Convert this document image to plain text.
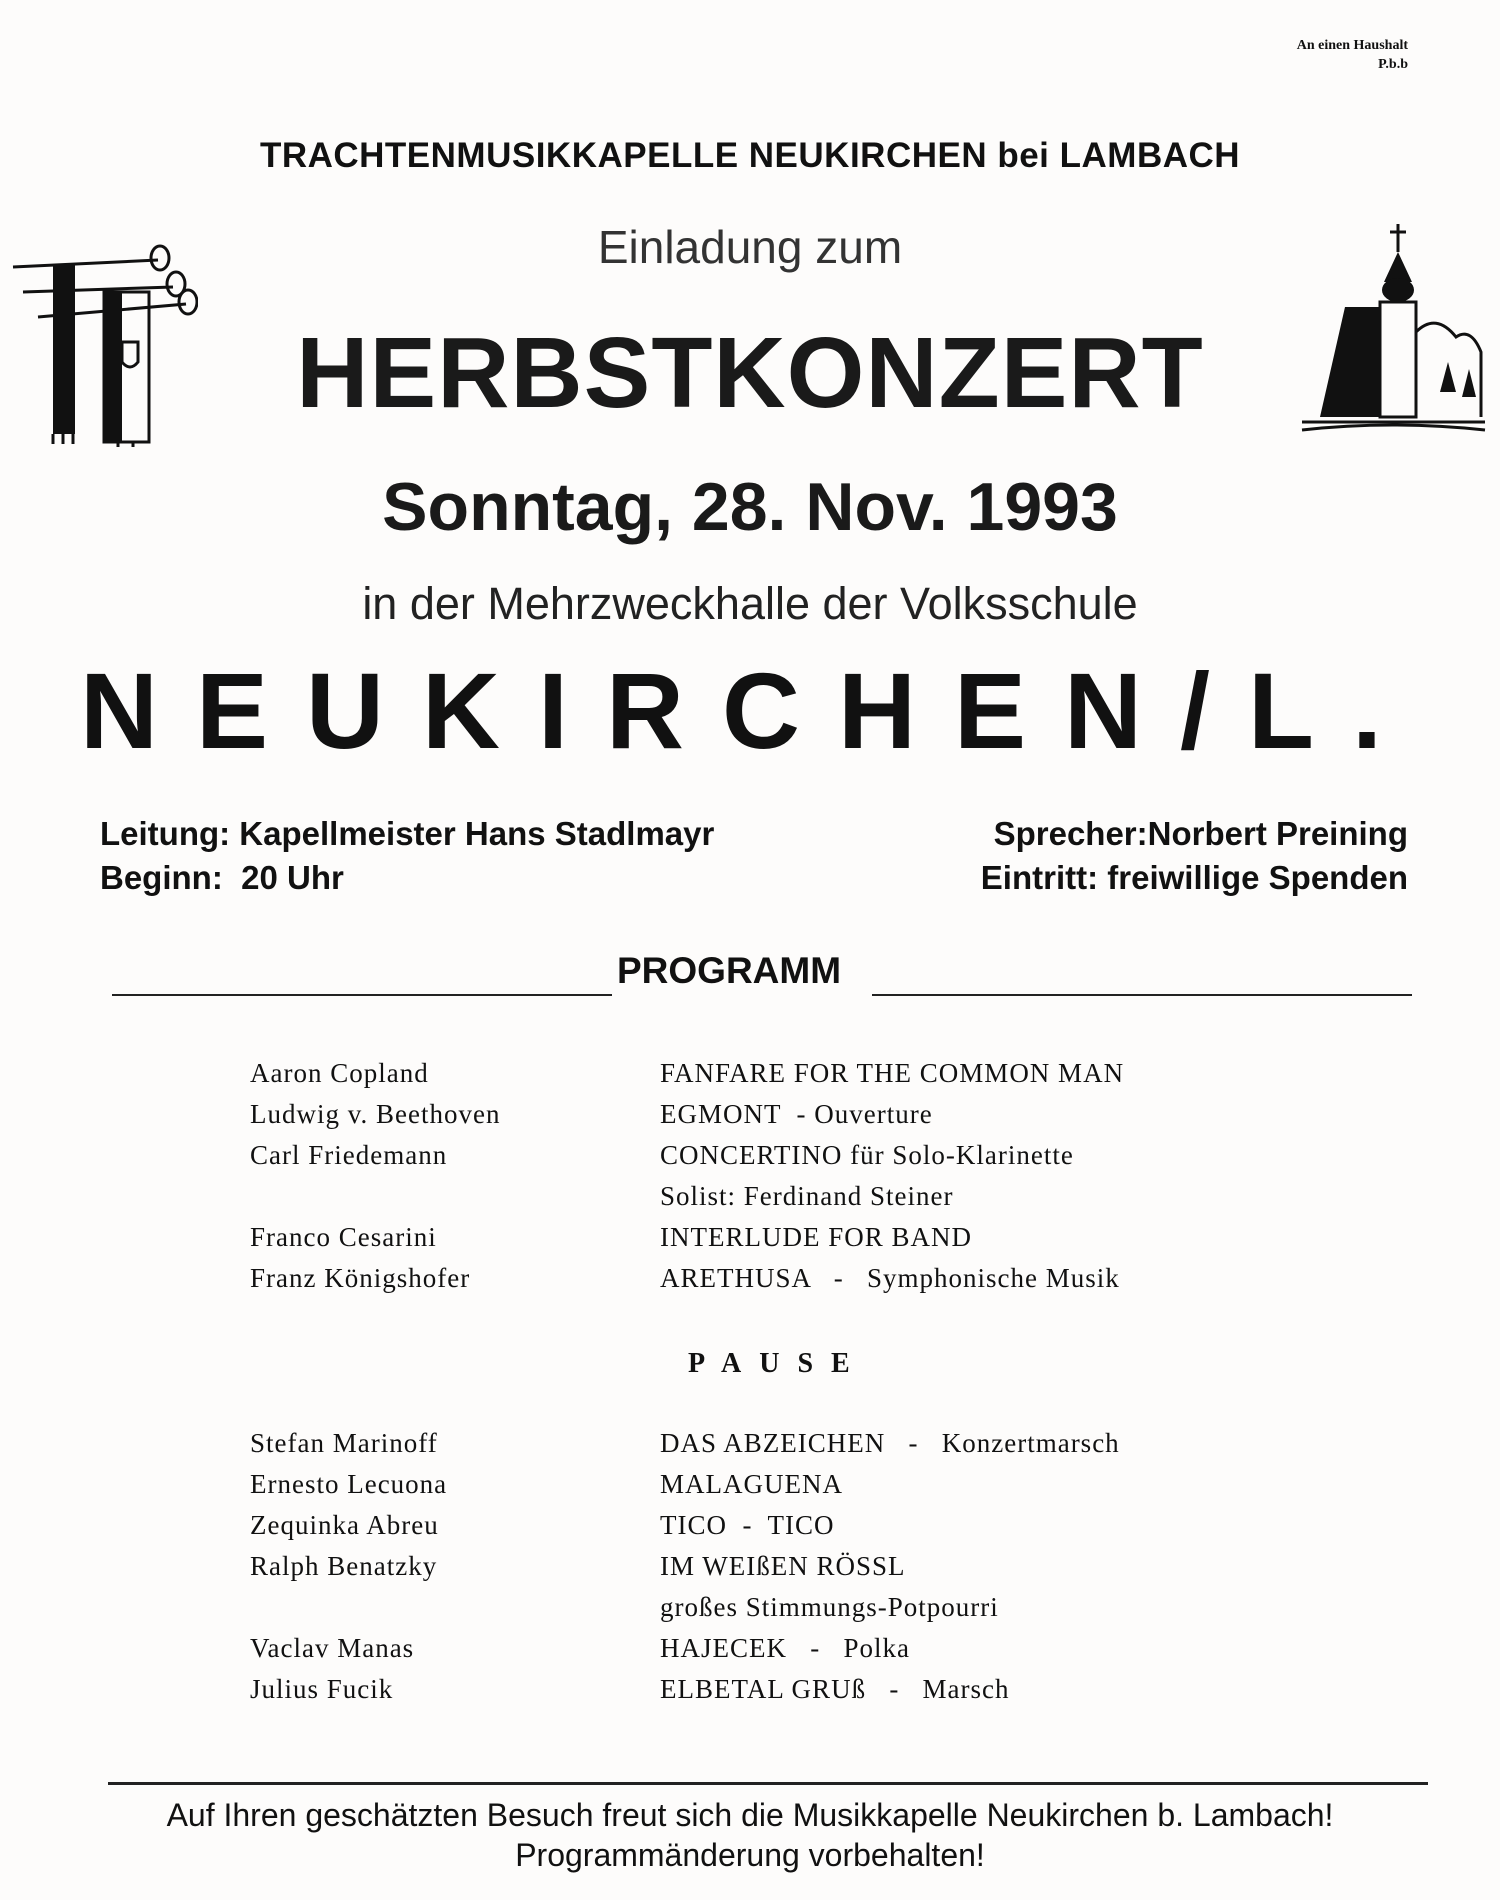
An einen Haushalt
P.b.b
TRACHTENMUSIKKAPELLE NEUKIRCHEN bei LAMBACH
Einladung zum
HERBSTKONZERT
Sonntag, 28. Nov. 1993
in der Mehrzweckhalle der Volksschule
NEUKIRCHEN/L.
Leitung: Kapellmeister Hans Stadlmayr
Beginn:  20 Uhr
Sprecher:Norbert Preining
Eintritt: freiwillige Spenden
PROGRAMM
Aaron Copland	FANFARE FOR THE COMMON MAN
Ludwig v. Beethoven	EGMONT  - Ouverture
Carl Friedemann	CONCERTINO für Solo-Klarinette
Solist: Ferdinand Steiner
Franco Cesarini	INTERLUDE FOR BAND
Franz Königshofer	ARETHUSA   -   Symphonische Musik
PAUSE
Stefan Marinoff	DAS ABZEICHEN   -   Konzertmarsch
Ernesto Lecuona	MALAGUENA
Zequinka Abreu	TICO  -  TICO
Ralph Benatzky	IM WEIßEN RÖSSL
großes Stimmungs-Potpourri
Vaclav Manas	HAJECEK   -   Polka
Julius Fucik	ELBETAL GRUß   -   Marsch
Auf Ihren geschätzten Besuch freut sich die Musikkapelle Neukirchen b. Lambach!
Programmänderung vorbehalten!
